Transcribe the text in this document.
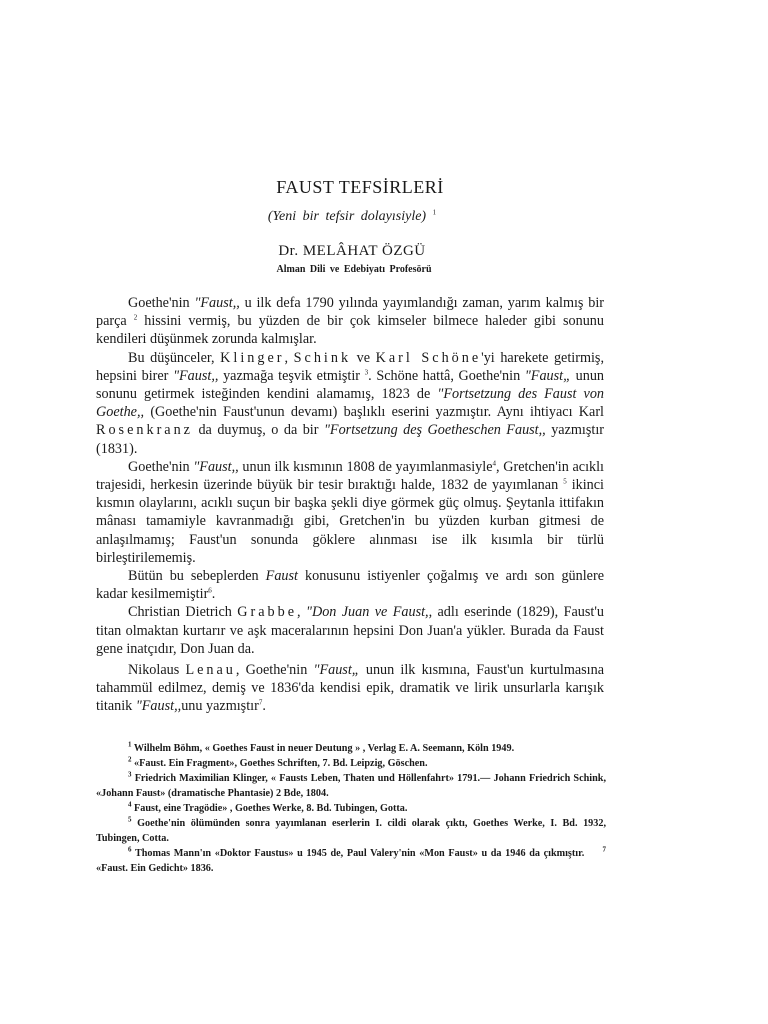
FAUST TEFSİRLERİ
(Yeni bir tefsir dolayısiyle) $^1$
Dr. MELÂHAT ÖZGÜ
Alman Dili ve Edebiyatı Profesörü

Goethe'nin "Faust,, u ilk defa 1790 yılında yayımlandığı zaman, yarım kalmış bir parça $^2$ hissini vermiş, bu yüzden de bir çok kimseler bilmece haleder gibi sonunu kendileri düşünmek zorunda kalmışlar.

Bu düşünceler, Klinger, Schink ve Karl Schöne'yi harekete getirmiş, hepsini birer "Faust,, yazmağa teşvik etmiştir $^3$. Schöne hattâ, Goethe'nin "Faust„ unun sonunu getirmek isteğinden kendini alamamış, 1823 de "Fortsetzung des Faust von Goethe,, (Goethe'nin Faust'unun devamı) başlıklı eserini yazmıştır. Aynı ihtiyacı Karl Rosenkranz da duymuş, o da bir "Fortsetzung deş Goetheschen Faust,, yazmıştır (1831).

Goethe'nin "Faust,, unun ilk kısmının 1808 de yayımlanmasiyle$^4$, Gretchen'in acıklı trajesidi, herkesin üzerinde büyük bir tesir bıraktığı halde, 1832 de yayımlanan $^5$ ikinci kısmın olaylarını, acıklı suçun bir başka şekli diye görmek güç olmuş. Şeytanla ittifakın mânası tamamiyle kavranmadığı gibi, Gretchen'in bu yüzden kurban gitmesi de anlaşılmamış; Faust'un sonunda göklere alınması ise ilk kısımla bir türlü birleştirilememiş.

Bütün bu sebeplerden Faust konusunu istiyenler çoğalmış ve ardı son günlere kadar kesilmemiştir$^6$.

Christian Dietrich Grabbe, "Don Juan ve Faust,, adlı eserinde (1829), Faust'u titan olmaktan kurtarır ve aşk maceralarının hepsini Don Juan'a yükler. Burada da Faust gene inatçıdır, Don Juan da.

Nikolaus Lenau, Goethe'nin "Faust„ unun ilk kısmına, Faust'un kurtulmasına tahammül edilmez, demiş ve 1836'da kendisi epik, dramatik ve lirik unsurlarla karışık titanik "Faust,,unu yazmıştır$^7$.

$^1$ Wilhelm Böhm, « Goethes Faust in neuer Deutung » , Verlag E. A. Seemann, Köln 1949.

$^2$ «Faust. Ein Fragment», Goethes Schriften, 7. Bd. Leipzig, Göschen.

$^3$ Friedrich Maximilian Klinger, « Fausts Leben, Thaten und Höllenfahrt» 1791.— Johann Friedrich Schink, «Johann Faust» (dramatische Phantasie) 2 Bde, 1804.

$^4$ Faust, eine Tragödie» , Goethes Werke, 8. Bd. Tubingen, Gotta.

$^5$ Goethe'nin ölümünden sonra yayımlanan eserlerin I. cildi olarak çıktı, Goethes Werke, I. Bd. 1932, Tubingen, Cotta.

$^6$ Thomas Mann'ın «Doktor Faustus» u 1945 de, Paul Valery'nin «Mon Faust» u da 1946 da çıkmıştır.	$^7$ «Faust. Ein Gedicht» 1836.
